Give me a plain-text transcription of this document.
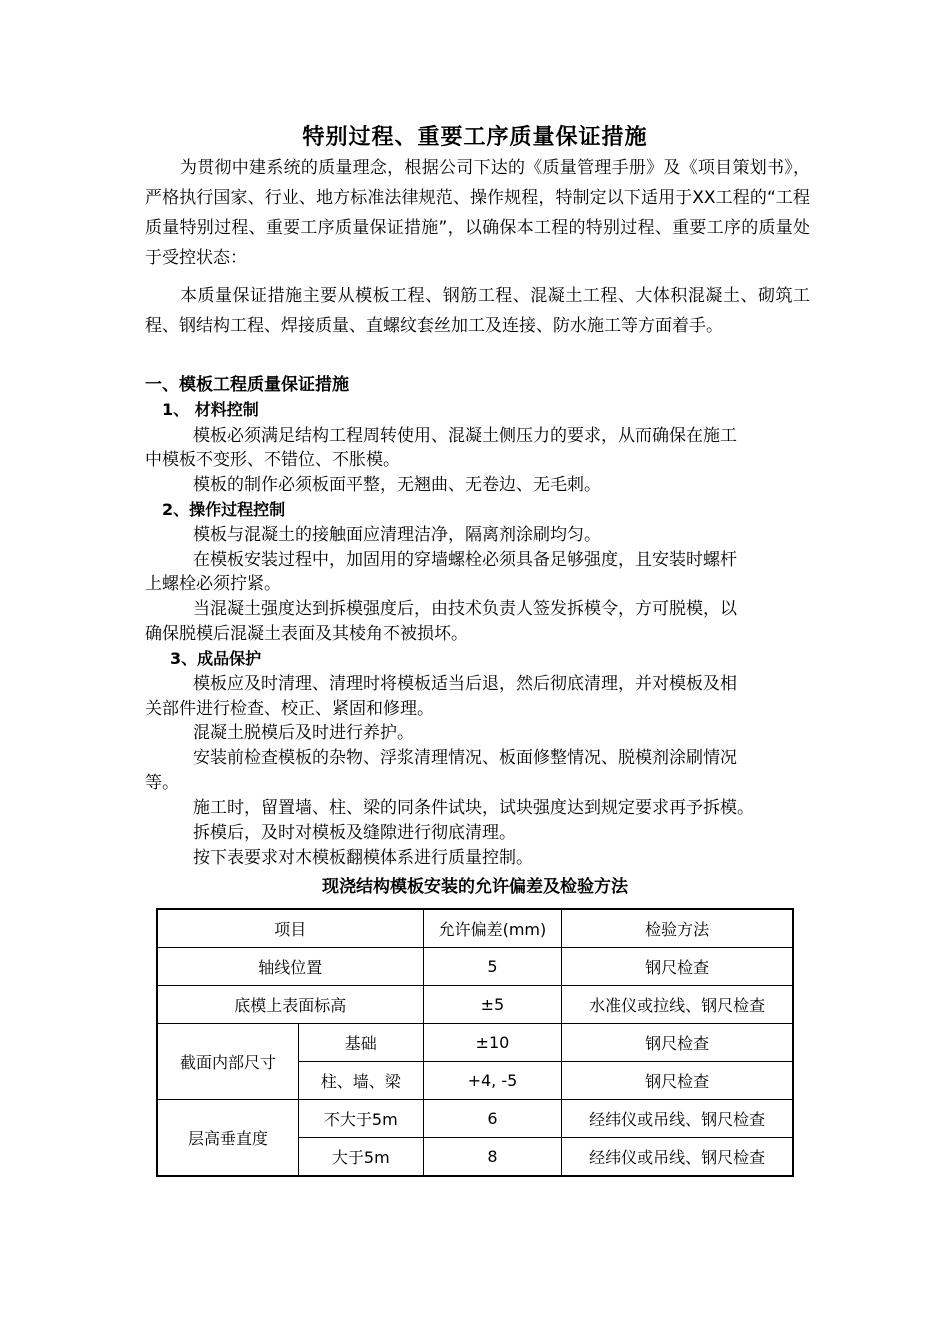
特别过程、重要工序质量保证措施
为贯彻中建系统的质量理念，根据公司下达的《质量管理手册》及《项目策划书》，严格执行国家、行业、地方标准法律规范、操作规程，特制定以下适用于XX工程的“工程质量特别过程、重要工序质量保证措施”，以确保本工程的特别过程、重要工序的质量处于受控状态：
本质量保证措施主要从模板工程、钢筋工程、混凝土工程、大体积混凝土、砌筑工程、钢结构工程、焊接质量、直螺纹套丝加工及连接、防水施工等方面着手。
一、模板工程质量保证措施
1、 材料控制
模板必须满足结构工程周转使用、混凝土侧压力的要求，从而确保在施工
中模板不变形、不错位、不胀模。
模板的制作必须板面平整，无翘曲、无卷边、无毛刺。
2、操作过程控制
模板与混凝土的接触面应清理洁净，隔离剂涂刷均匀。
在模板安装过程中，加固用的穿墙螺栓必须具备足够强度，且安装时螺杆
上螺栓必须拧紧。
当混凝土强度达到拆模强度后，由技术负责人签发拆模令，方可脱模，以
确保脱模后混凝土表面及其棱角不被损坏。
3、成品保护
模板应及时清理、清理时将模板适当后退，然后彻底清理，并对模板及相
关部件进行检查、校正、紧固和修理。
混凝土脱模后及时进行养护。
安装前检查模板的杂物、浮浆清理情况、板面修整情况、脱模剂涂刷情况
等。
施工时，留置墙、柱、梁的同条件试块，试块强度达到规定要求再予拆模。
拆模后，及时对模板及缝隙进行彻底清理。
按下表要求对木模板翻模体系进行质量控制。
现浇结构模板安装的允许偏差及检验方法
项目		允许偏差(mm)	检验方法
轴线位置		5	钢尺检查
底模上表面标高		±5	水准仪或拉线、钢尺检查
截面内部尺寸	基础	±10	钢尺检查
	柱、墙、梁	+4, -5	钢尺检查
层高垂直度	不大于5m	6	经纬仪或吊线、钢尺检查
	大于5m	8	经纬仪或吊线、钢尺检查
